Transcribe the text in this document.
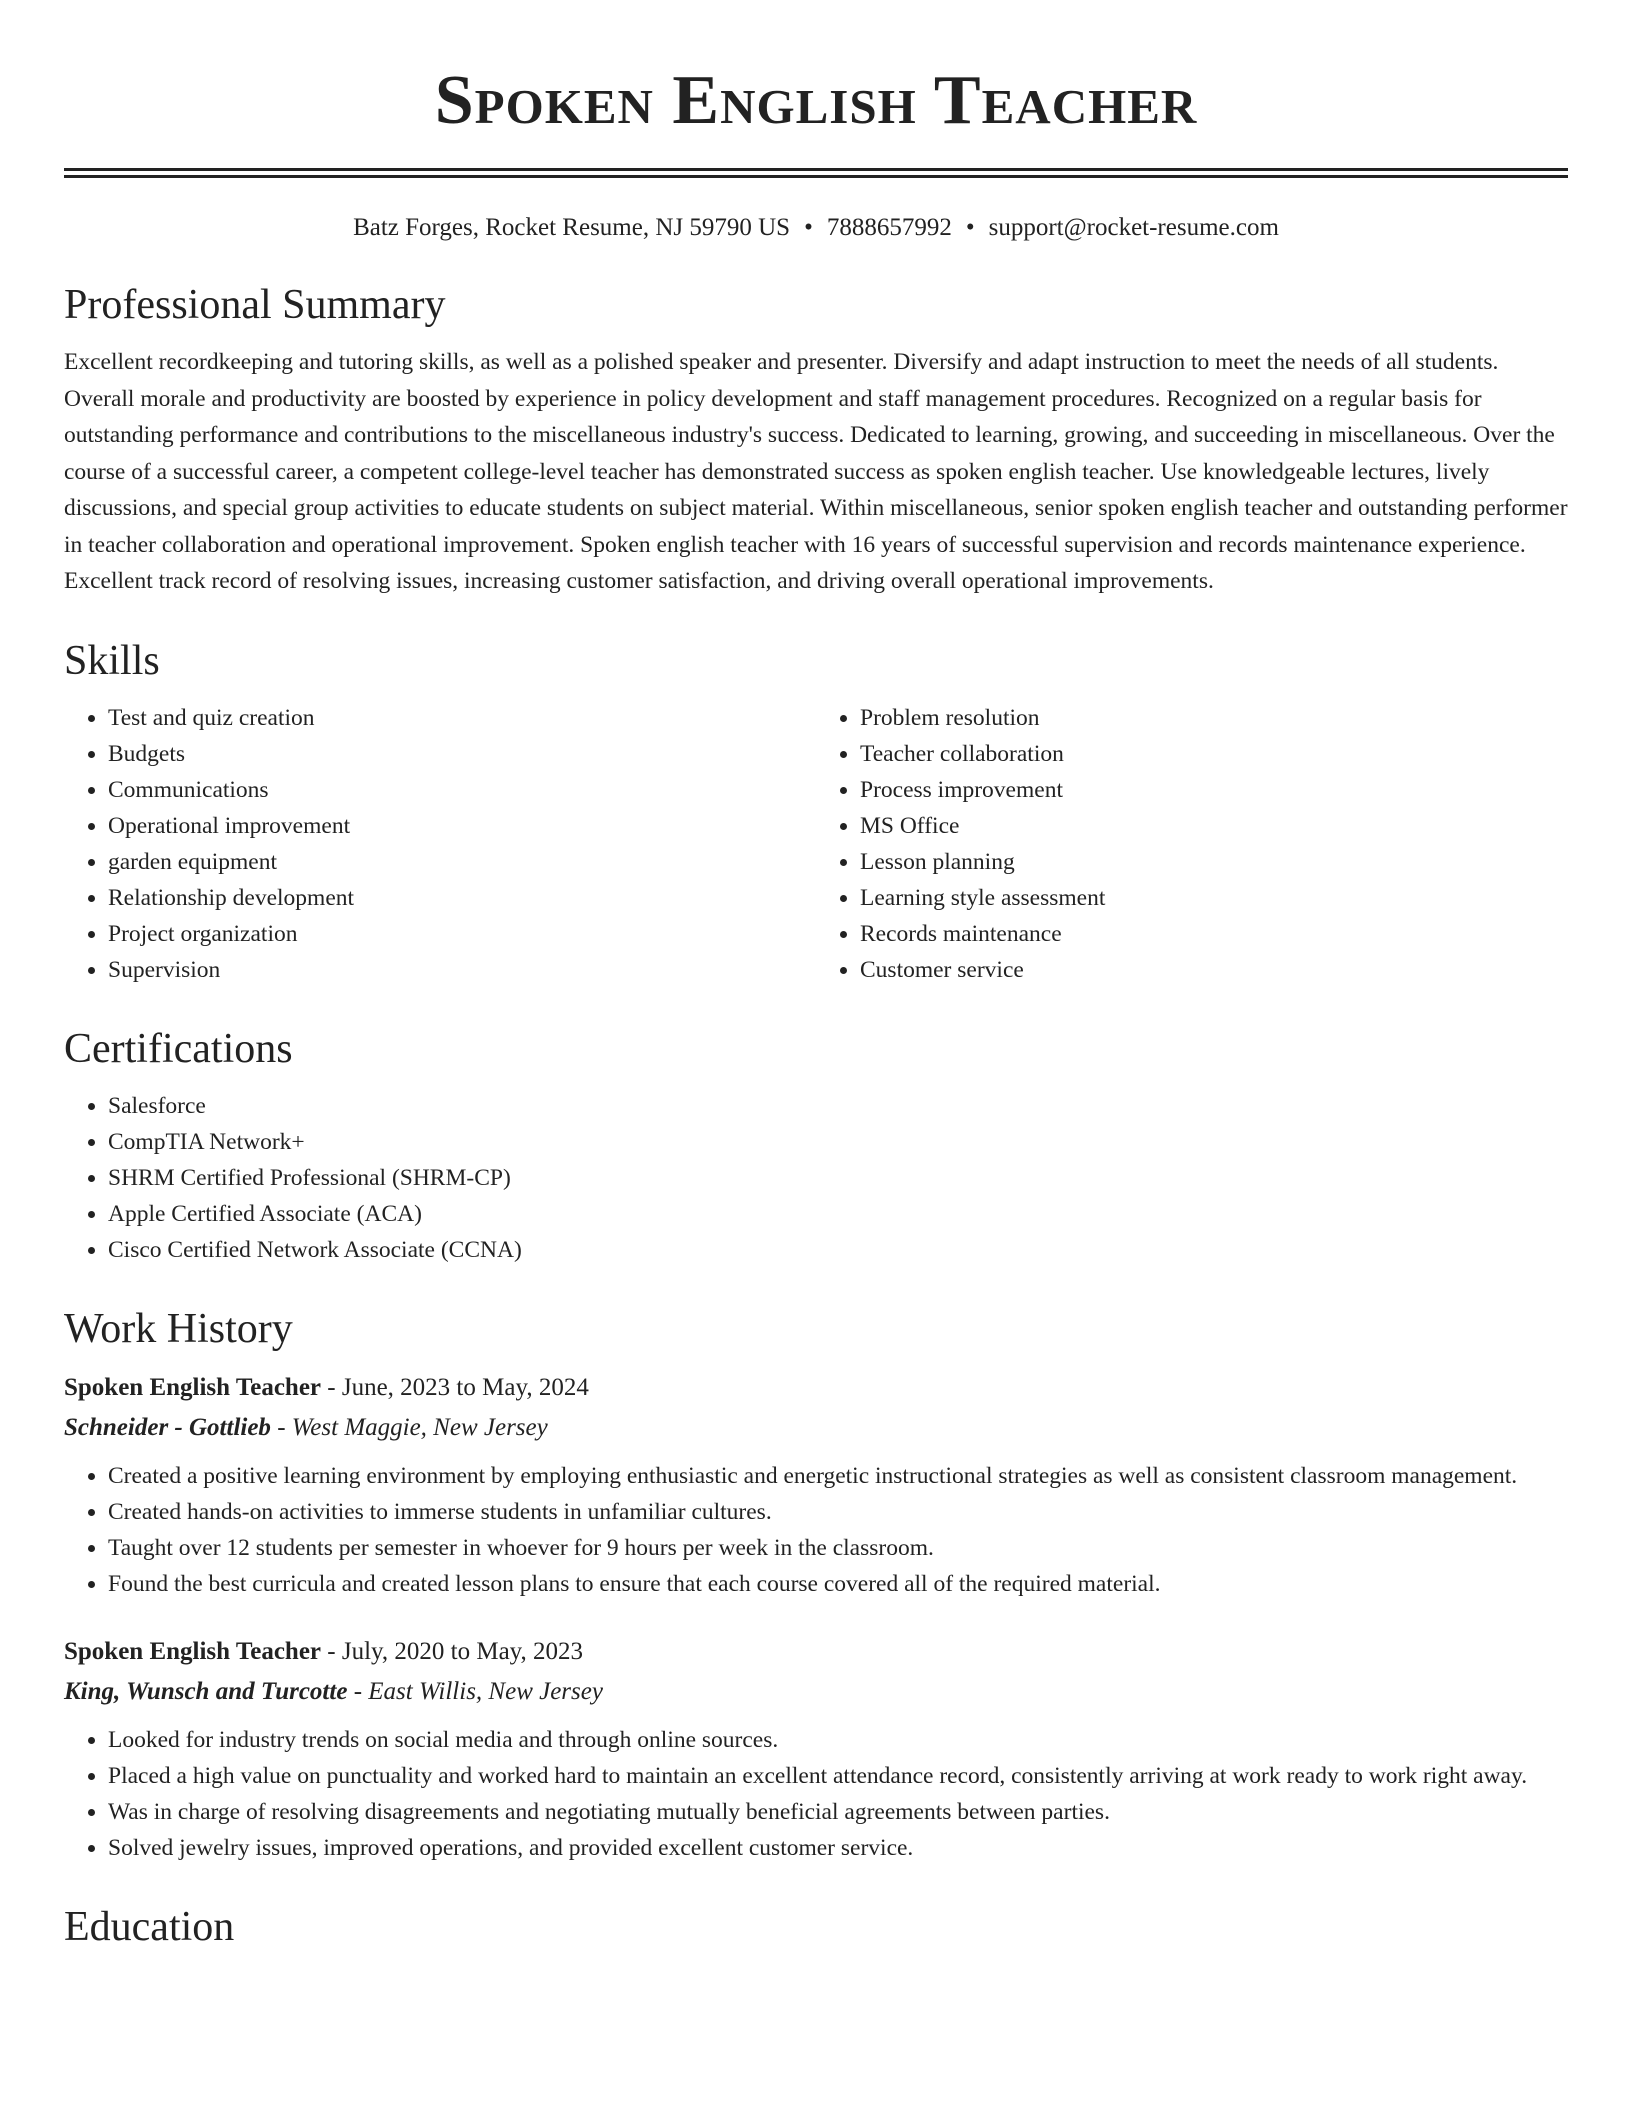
Spoken English Teacher
Batz Forges, Rocket Resume, NJ 59790 US • 7888657992 • support@rocket-resume.com
Professional Summary

Excellent recordkeeping and tutoring skills, as well as a polished speaker and presenter. Diversify and adapt instruction to meet the needs of all students. Overall morale and productivity are boosted by experience in policy development and staff management procedures. Recognized on a regular basis for outstanding performance and contributions to the miscellaneous industry's success. Dedicated to learning, growing, and succeeding in miscellaneous. Over the course of a successful career, a competent college-level teacher has demonstrated success as spoken english teacher. Use knowledgeable lectures, lively discussions, and special group activities to educate students on subject material. Within miscellaneous, senior spoken english teacher and outstanding performer in teacher collaboration and operational improvement. Spoken english teacher with 16 years of successful supervision and records maintenance experience. Excellent track record of resolving issues, increasing customer satisfaction, and driving overall operational improvements.

Skills
• Test and quiz creation
• Budgets
• Communications
• Operational improvement
• garden equipment
• Relationship development
• Project organization
• Supervision
• Problem resolution
• Teacher collaboration
• Process improvement
• MS Office
• Lesson planning
• Learning style assessment
• Records maintenance
• Customer service
Certifications
• Salesforce
• CompTIA Network+
• SHRM Certified Professional (SHRM-CP)
• Apple Certified Associate (ACA)
• Cisco Certified Network Associate (CCNA)
Work History
Spoken English Teacher - June, 2023 to May, 2024
Schneider - Gottlieb - West Maggie, New Jersey
• Created a positive learning environment by employing enthusiastic and energetic instructional strategies as well as consistent classroom management.
• Created hands-on activities to immerse students in unfamiliar cultures.
• Taught over 12 students per semester in whoever for 9 hours per week in the classroom.
• Found the best curricula and created lesson plans to ensure that each course covered all of the required material.
Spoken English Teacher - July, 2020 to May, 2023
King, Wunsch and Turcotte - East Willis, New Jersey
• Looked for industry trends on social media and through online sources.
• Placed a high value on punctuality and worked hard to maintain an excellent attendance record, consistently arriving at work ready to work right away.
• Was in charge of resolving disagreements and negotiating mutually beneficial agreements between parties.
• Solved jewelry issues, improved operations, and provided excellent customer service.
Education
